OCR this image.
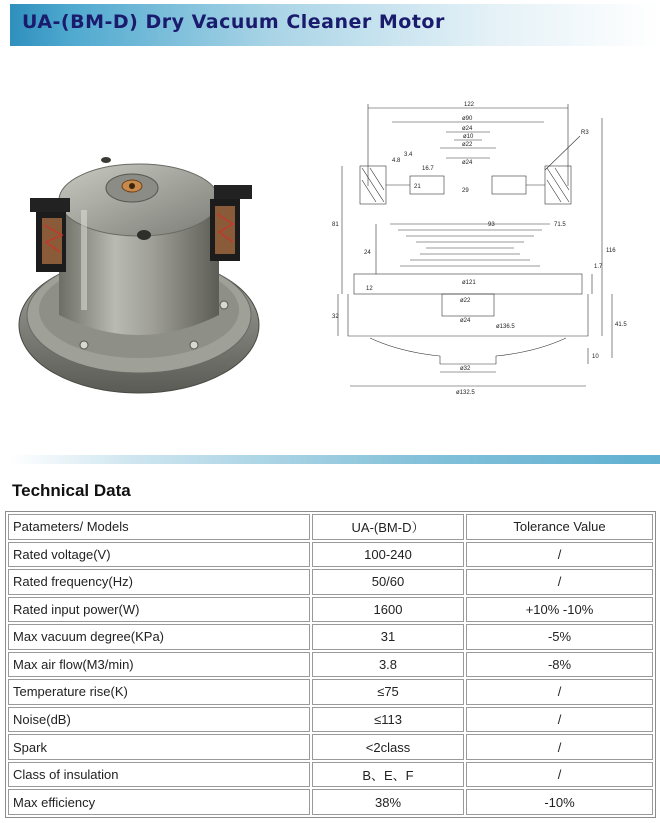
UA-(BM-D) Dry Vacuum Cleaner Motor
122
ø90
ø24
ø10
ø22
ø24
29
R3
4.8
3.4
16.7
21
81	93	71.5
116
24
1.7
ø121
12
32
ø22
ø24
ø136.5	41.5
10
ø32
ø132.5
Technical Data
Patameters/ Models	UA-(BM-D）	Tolerance Value
Rated voltage(V)	100-240	/
Rated frequency(Hz)	50/60	/
Rated input power(W)	1600	+10% -10%
Max vacuum degree(KPa)	31	-5%
Max air flow(M3/min)	3.8	-8%
Temperature rise(K)	≤75	/
Noise(dB)	≤113	/
Spark	<2class	/
Class of insulation	B、E、F	/
Max efficiency	38%	-10%
